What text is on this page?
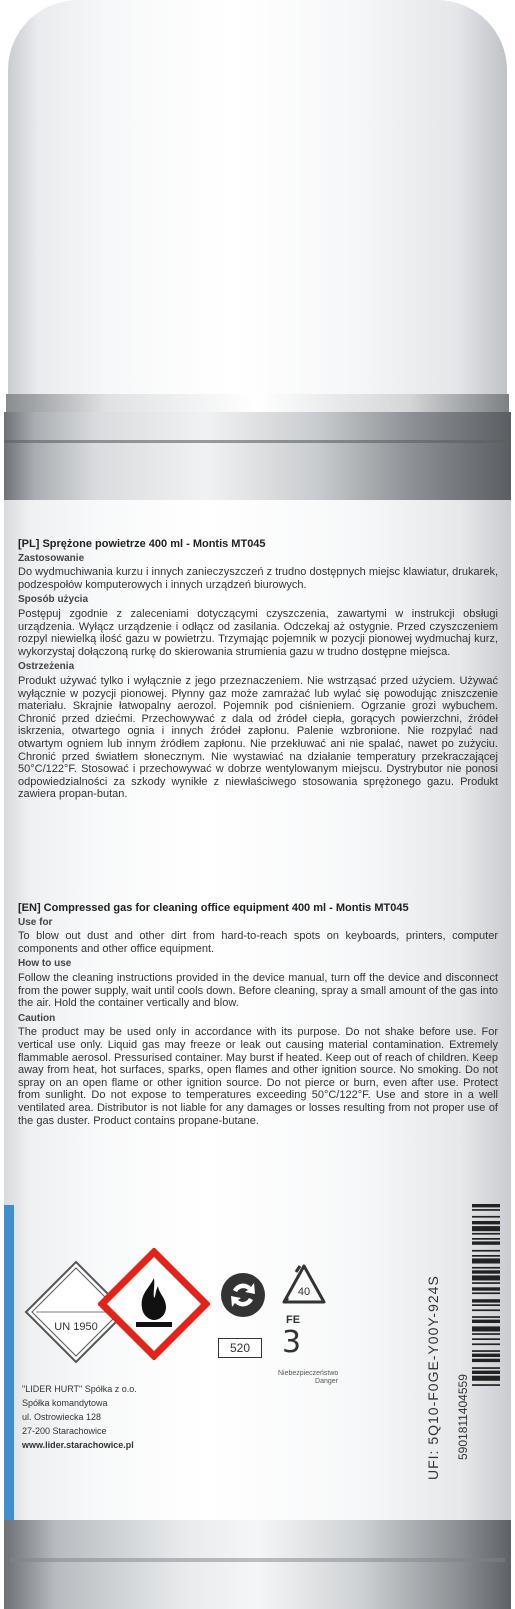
[PL] Sprężone powietrze 400 ml - Montis MT045
Zastosowanie
Do wydmuchiwania kurzu i innych zanieczyszczeń z trudno dostępnych miejsc klawiatur, drukarek, podzespołów komputerowych i innych urządzeń biurowych.
Sposób użycia
Postępuj zgodnie z zaleceniami dotyczącymi czyszczenia, zawartymi w instrukcji obsługi urządzenia. Wyłącz urządzenie i odłącz od zasilania. Odczekaj aż ostygnie. Przed czyszczeniem rozpyl niewielką ilość gazu w powietrzu. Trzymając pojemnik w pozycji pionowej wydmuchaj kurz, wykorzystaj dołączoną rurkę do skierowania strumienia gazu w trudno dostępne miejsca.
Ostrzeżenia
Produkt używać tylko i wyłącznie z jego przeznaczeniem. Nie wstrząsać przed użyciem. Używać wyłącznie w pozycji pionowej. Płynny gaz może zamrażać lub wylać się powodując zniszczenie materiału. Skrajnie łatwopalny aerozol. Pojemnik pod ciśnieniem. Ogrzanie grozi wybuchem. Chronić przed dziećmi. Przechowywać z dala od źródeł ciepła, gorących powierzchni, źródeł iskrzenia, otwartego ognia i innych źródeł zapłonu. Palenie wzbronione. Nie rozpylać nad otwartym ogniem lub innym źródłem zapłonu. Nie przekłuwać ani nie spalać, nawet po zużyciu. Chronić przed światłem słonecznym. Nie wystawiać na działanie temperatury przekraczającej 50°C/122°F. Stosować i przechowywać w dobrze wentylowanym miejscu. Dystrybutor nie ponosi odpowiedzialności za szkody wynikłe z niewłaściwego stosowania sprężonego gazu. Produkt zawiera propan-butan.
[EN] Compressed gas for cleaning office equipment 400 ml - Montis MT045
Use for
To blow out dust and other dirt from hard-to-reach spots on keyboards, printers, computer components and other office equipment.
How to use
Follow the cleaning instructions provided in the device manual, turn off the device and disconnect from the power supply, wait until cools down. Before cleaning, spray a small amount of the gas into the air. Hold the container vertically and blow.
Caution
The product may be used only in accordance with its purpose. Do not shake before use. For vertical use only. Liquid gas may freeze or leak out causing material contamination. Extremely flammable aerosol. Pressurised container. May burst if heated. Keep out of reach of children. Keep away from heat, hot surfaces, sparks, open flames and other ignition source. No smoking. Do not spray on an open flame or other ignition source. Do not pierce or burn, even after use. Protect from sunlight. Do not expose to temperatures exceeding 50°C/122°F. Use and store in a well ventilated area. Distributor is not liable for any damages or losses resulting from not proper use of the gas duster. Product contains propane-butane.
UN 1950
Niebezpieczeństwo
Danger
520
40
FE
3
"LIDER HURT" Spółka z o.o.
Spółka komandytowa
ul. Ostrowiecka 128
27-200 Starachowice
www.lider.starachowice.pl	5901811404559
UFI: 5Q10-F0GE-Y00Y-924S
